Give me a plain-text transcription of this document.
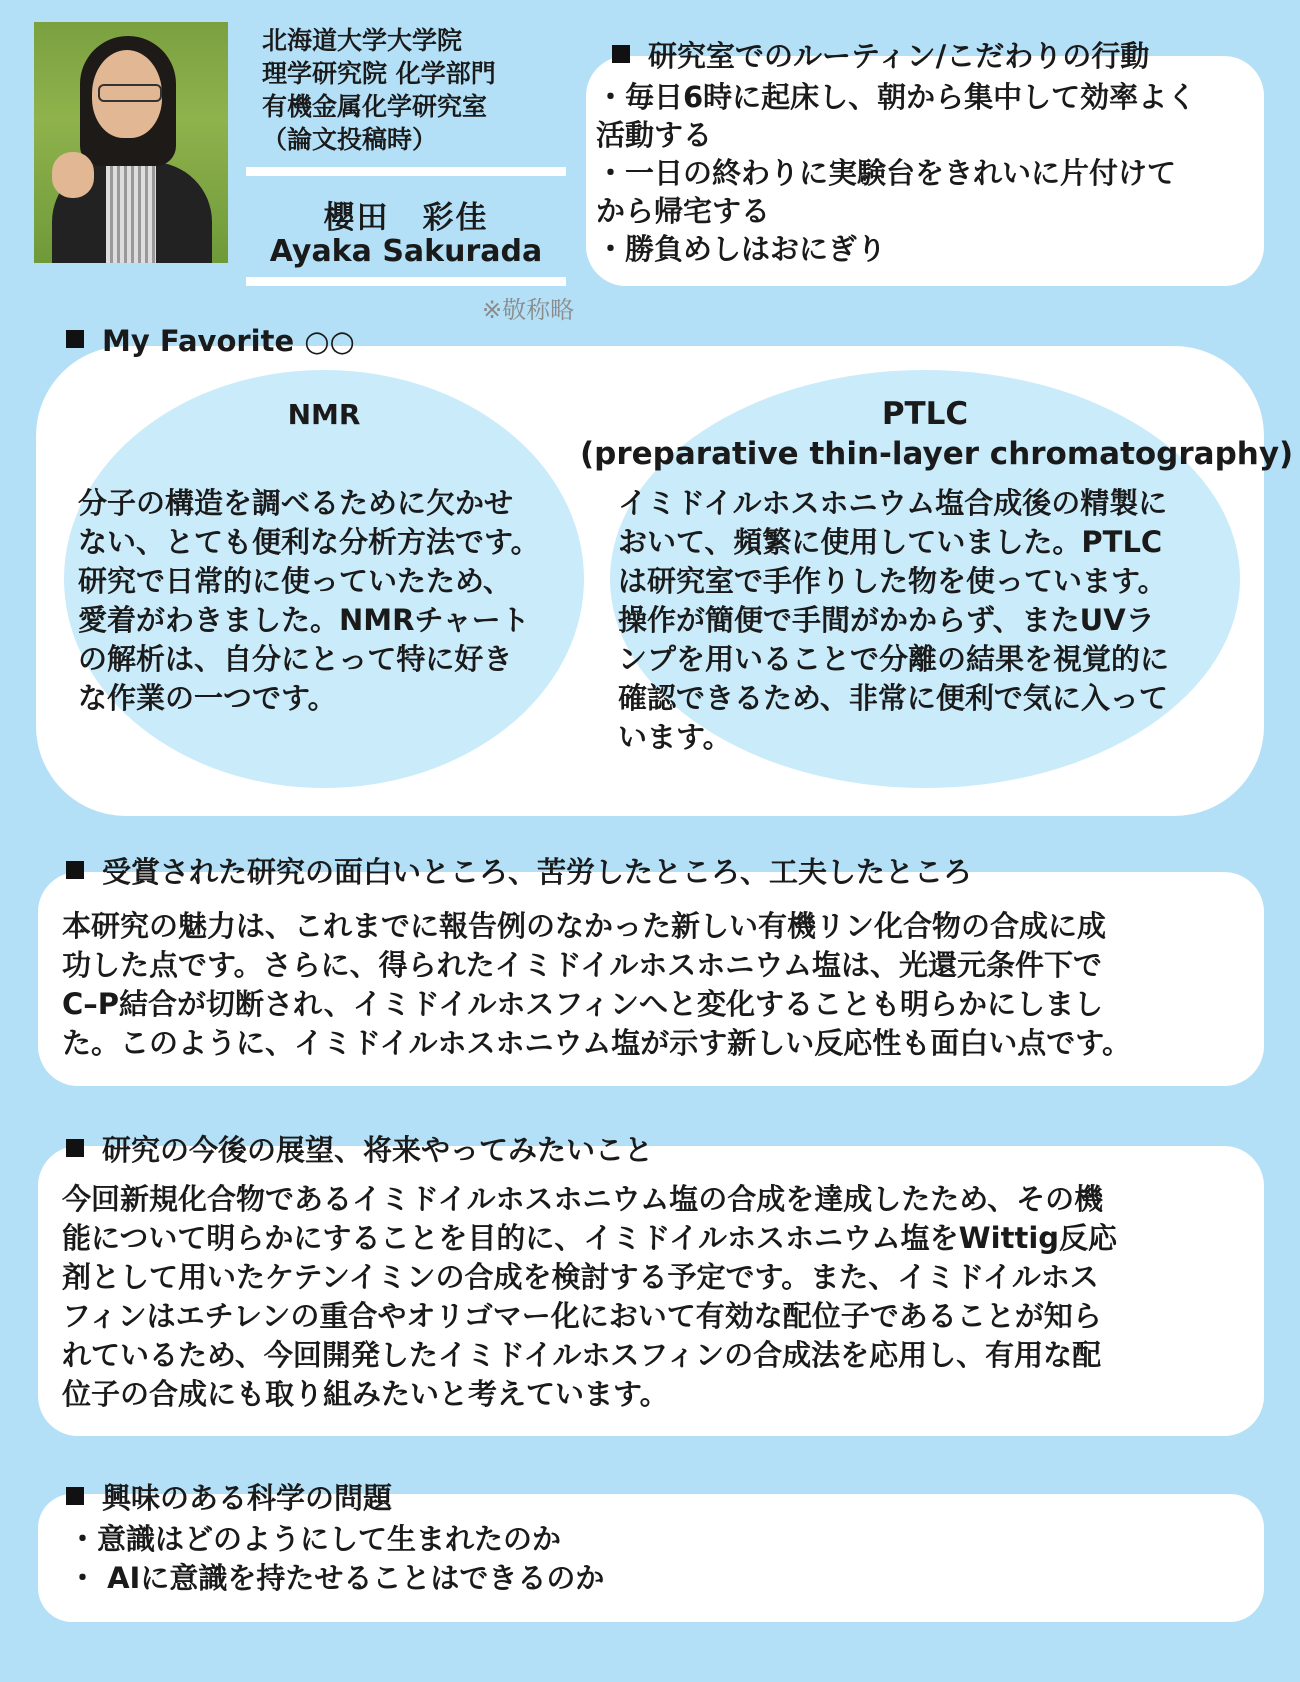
北海道大学大学院
理学研究院 化学部門
有機金属化学研究室
（論文投稿時）
櫻田　彩佳
Ayaka Sakurada
※敬称略
研究室でのルーティン/こだわりの行動
・毎日6時に起床し、朝から集中して効率よく
活動する
・一日の終わりに実験台をきれいに片付けて
から帰宅する
・勝負めしはおにぎり
My Favorite ○○
NMR	PTLC
(preparative thin-layer chromatography)
分子の構造を調べるために欠かせ
ない、とても便利な分析方法です。
研究で日常的に使っていたため、
愛着がわきました。NMRチャート
の解析は、自分にとって特に好き
な作業の一つです。
イミドイルホスホニウム塩合成後の精製に
おいて、頻繁に使用していました。PTLC
は研究室で手作りした物を使っています。
操作が簡便で手間がかからず、またUVラ
ンプを用いることで分離の結果を視覚的に
確認できるため、非常に便利で気に入って
います。
受賞された研究の面白いところ、苦労したところ、工夫したところ
本研究の魅力は、これまでに報告例のなかった新しい有機リン化合物の合成に成
功した点です。さらに、得られたイミドイルホスホニウム塩は、光還元条件下で
C–P結合が切断され、イミドイルホスフィンへと変化することも明らかにしまし
た。このように、イミドイルホスホニウム塩が示す新しい反応性も面白い点です。
研究の今後の展望、将来やってみたいこと
今回新規化合物であるイミドイルホスホニウム塩の合成を達成したため、その機
能について明らかにすることを目的に、イミドイルホスホニウム塩をWittig反応
剤として用いたケテンイミンの合成を検討する予定です。また、イミドイルホス
フィンはエチレンの重合やオリゴマー化において有効な配位子であることが知ら
れているため、今回開発したイミドイルホスフィンの合成法を応用し、有用な配
位子の合成にも取り組みたいと考えています。
興味のある科学の問題
・意識はどのようにして生まれたのか
・ AIに意識を持たせることはできるのか
